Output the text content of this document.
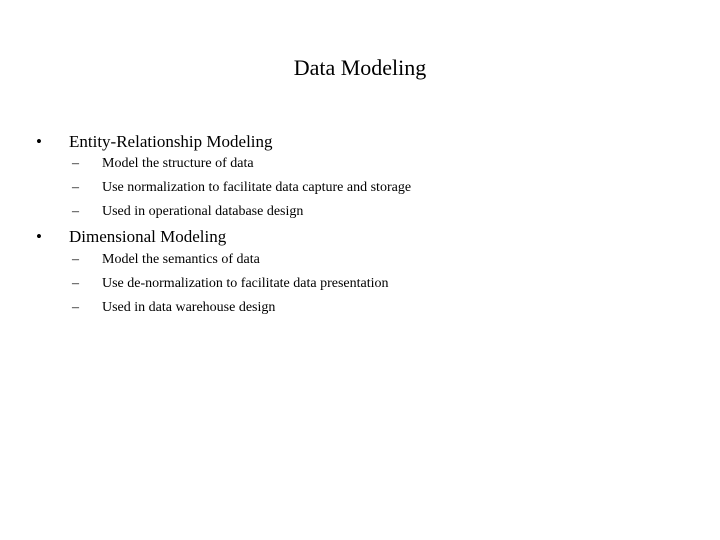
Data Modeling
• Entity-Relationship Modeling
– Model the structure of data
– Use normalization to facilitate data capture and storage
– Used in operational database design
• Dimensional Modeling
– Model the semantics of data
– Use de-normalization to facilitate data presentation
– Used in data warehouse design
